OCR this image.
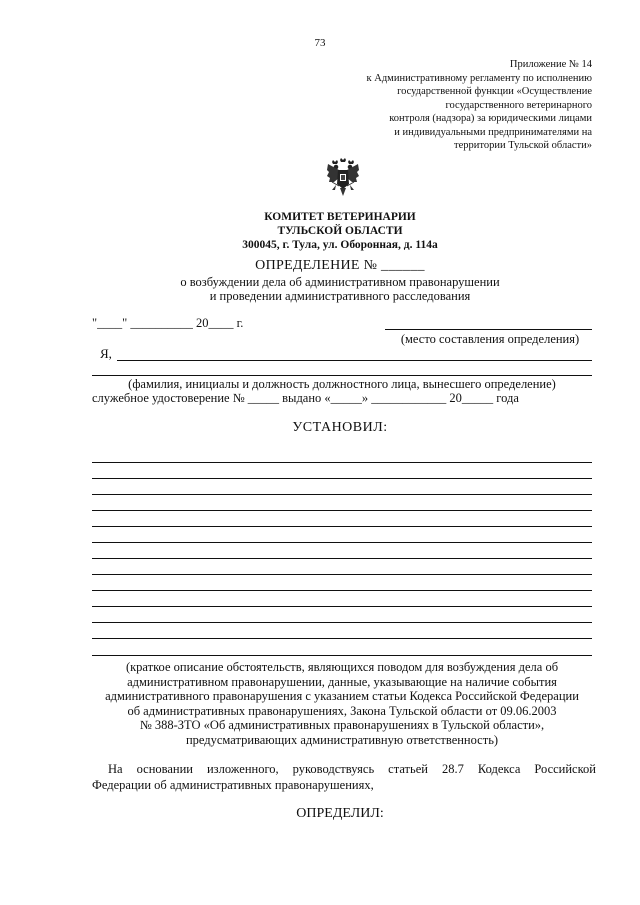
73
Приложение № 14
к Административному регламенту по исполнению
государственной функции «Осуществление
государственного ветеринарного
контроля (надзора) за юридическими лицами
и индивидуальными предпринимателями на
территории Тульской области»
КОМИТЕТ ВЕТЕРИНАРИИ
ТУЛЬСКОЙ ОБЛАСТИ
300045, г. Тула, ул. Оборонная, д. 114а
ОПРЕДЕЛЕНИЕ № ______
о возбуждении дела об административном правонарушении
и проведении административного расследования
"____" __________ 20____ г.
(место составления определения)
Я,
(фамилия, инициалы и должность должностного лица, вынесшего определение)
служебное удостоверение № _____ выдано «_____» ____________ 20_____ года
УСТАНОВИЛ:
(краткое описание обстоятельств, являющихся поводом для возбуждения дела об
административном правонарушении, данные, указывающие на наличие события
административного правонарушения с указанием статьи Кодекса Российской Федерации
об административных правонарушениях, Закона Тульской области от 09.06.2003
№ 388-ЗТО «Об административных правонарушениях в Тульской области»,
предусматривающих административную ответственность)
На основании изложенного, руководствуясь статьей 28.7 Кодекса Российской
Федерации об административных правонарушениях,
ОПРЕДЕЛИЛ:
